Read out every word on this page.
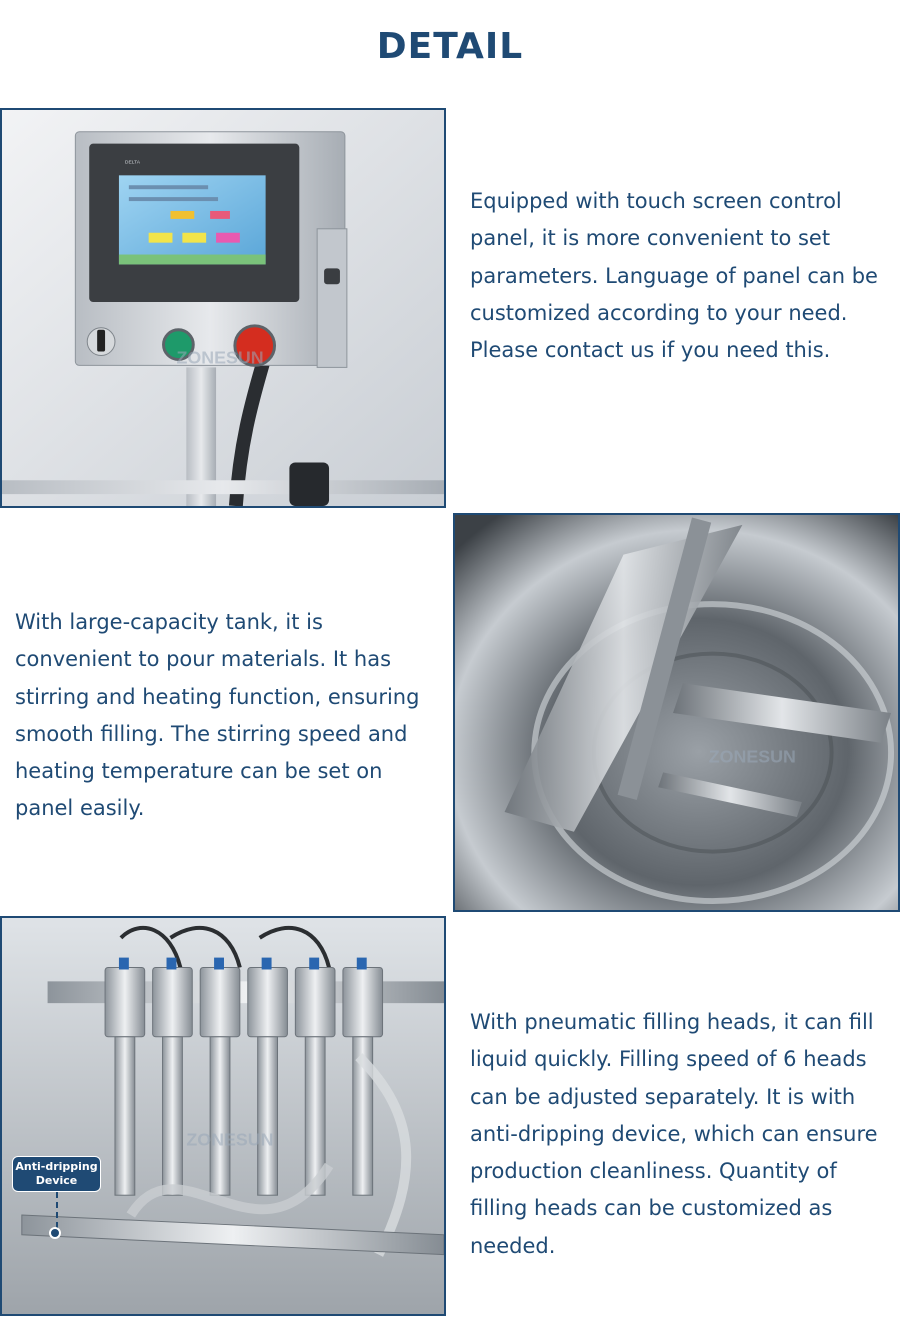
DETAIL
DELTA
ZONESUN

Equipped with touch screen control panel, it is more convenient to set parameters. Language of panel can be customized according to your need. Please contact us if you need this.

With large-capacity tank, it is convenient to pour materials. It has stirring and heating function, ensuring smooth filling. The stirring speed and heating temperature can be set on panel easily.

ZONESUN
ZONESUN
Anti-dripping
Device

With pneumatic filling heads, it can fill liquid quickly. Filling speed of 6 heads can be adjusted separately. It is with anti-dripping device, which can ensure production cleanliness. Quantity of filling heads can be customized as needed.
